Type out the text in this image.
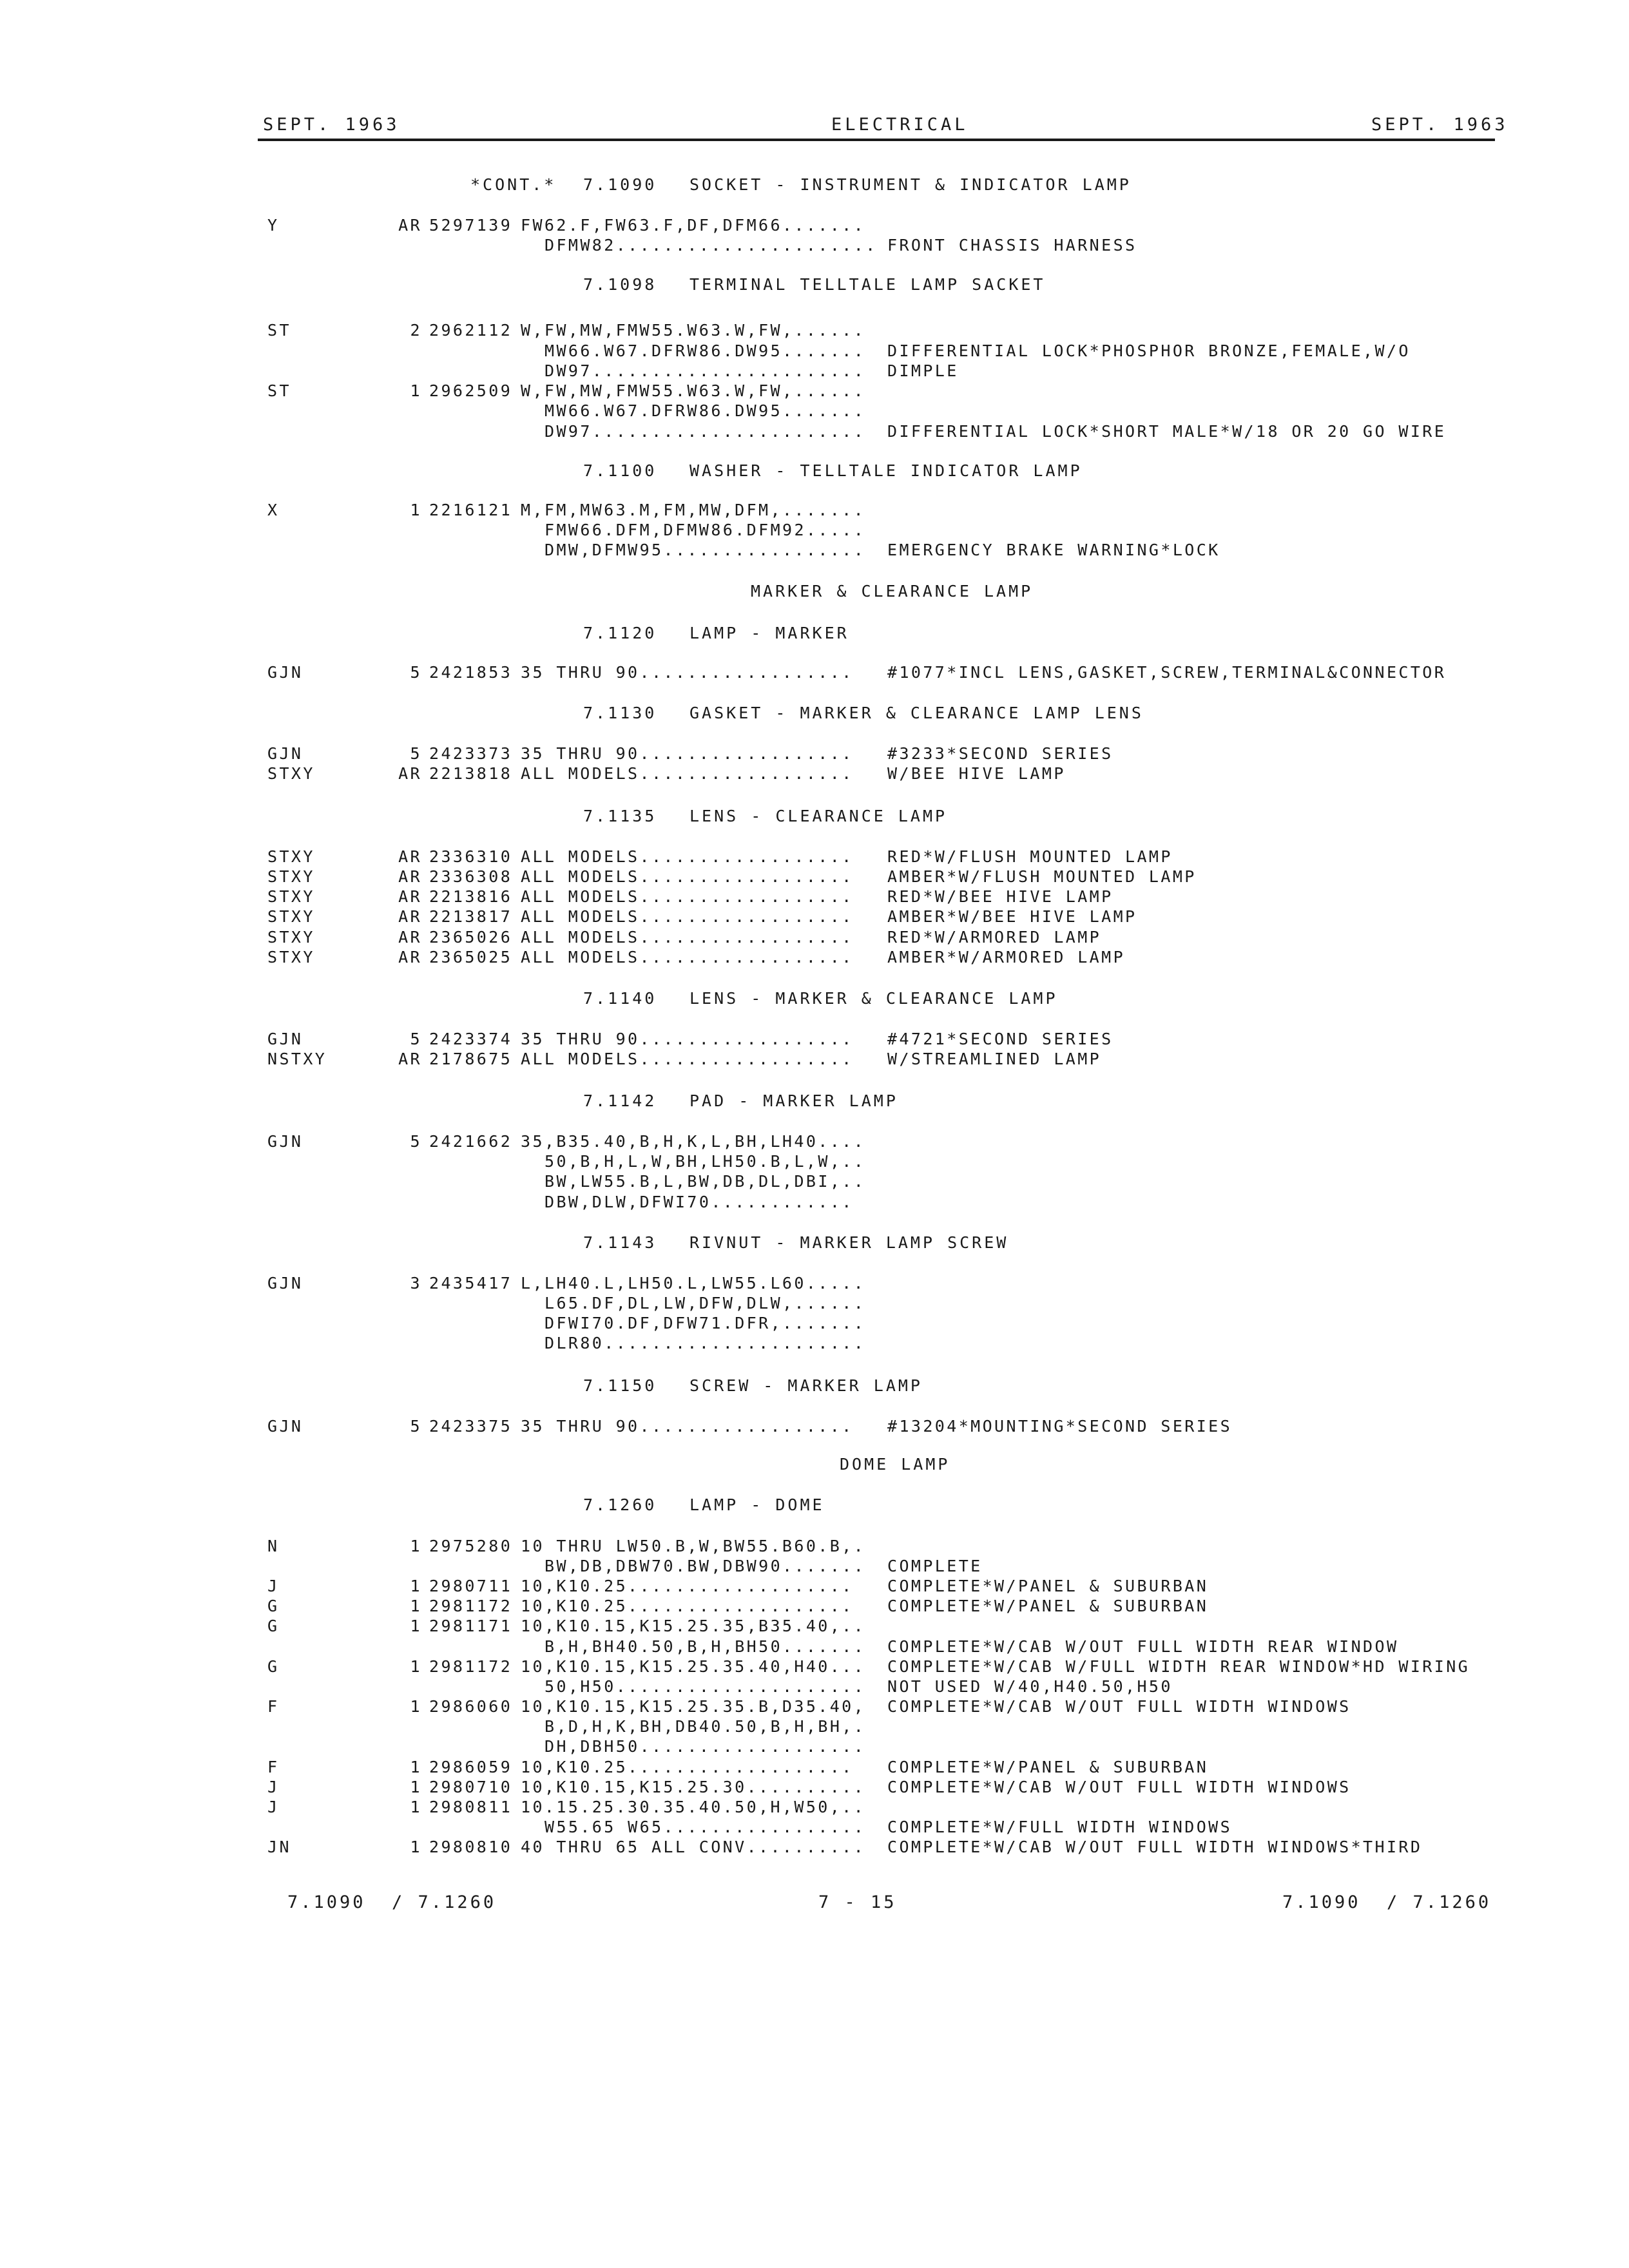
SEPT. 1963	ELECTRICAL	SEPT. 1963
*CONT.* 7.1090 SOCKET - INSTRUMENT & INDICATOR LAMP
7.1098 TERMINAL TELLTALE LAMP SACKET
7.1100 WASHER - TELLTALE INDICATOR LAMP
MARKER & CLEARANCE LAMP
7.1120 LAMP - MARKER
7.1130 GASKET - MARKER & CLEARANCE LAMP LENS
7.1135 LENS - CLEARANCE LAMP
7.1140 LENS - MARKER & CLEARANCE LAMP
7.1142 PAD - MARKER LAMP
7.1143 RIVNUT - MARKER LAMP SCREW
7.1150 SCREW - MARKER LAMP
DOME LAMP
7.1260 LAMP - DOME
Y	AR 5297139 FW62.F,FW63.F,DF,DFM66.......
DFMW82...................... FRONT CHASSIS HARNESS
ST	2 2962112 W,FW,MW,FMW55.W63.W,FW,......
MW66.W67.DFRW86.DW95....... DIFFERENTIAL LOCK*PHOSPHOR BRONZE,FEMALE,W/O
DW97....................... DIMPLE
ST	1 2962509 W,FW,MW,FMW55.W63.W,FW,......
MW66.W67.DFRW86.DW95.......
DW97....................... DIFFERENTIAL LOCK*SHORT MALE*W/18 OR 20 GO WIRE
X	1 2216121 M,FM,MW63.M,FM,MW,DFM,.......
FMW66.DFM,DFMW86.DFM92.....
DMW,DFMW95................. EMERGENCY BRAKE WARNING*LOCK
GJN	5 2421853 35 THRU 90.................. #1077*INCL LENS,GASKET,SCREW,TERMINAL&CONNECTOR
GJN	5 2423373 35 THRU 90.................. #3233*SECOND SERIES
STXY	AR 2213818 ALL MODELS.................. W/BEE HIVE LAMP
STXY	AR 2336310 ALL MODELS.................. RED*W/FLUSH MOUNTED LAMP
STXY	AR 2336308 ALL MODELS.................. AMBER*W/FLUSH MOUNTED LAMP
STXY	AR 2213816 ALL MODELS.................. RED*W/BEE HIVE LAMP
STXY	AR 2213817 ALL MODELS.................. AMBER*W/BEE HIVE LAMP
STXY	AR 2365026 ALL MODELS.................. RED*W/ARMORED LAMP
STXY	AR 2365025 ALL MODELS.................. AMBER*W/ARMORED LAMP
GJN	5 2423374 35 THRU 90.................. #4721*SECOND SERIES
NSTXY	AR 2178675 ALL MODELS.................. W/STREAMLINED LAMP
GJN	5 2421662 35,B35.40,B,H,K,L,BH,LH40....
50,B,H,L,W,BH,LH50.B,L,W,..
BW,LW55.B,L,BW,DB,DL,DBI,..
DBW,DLW,DFWI70............
GJN	3 2435417 L,LH40.L,LH50.L,LW55.L60.....
L65.DF,DL,LW,DFW,DLW,......
DFWI70.DF,DFW71.DFR,.......
DLR80......................
GJN	5 2423375 35 THRU 90.................. #13204*MOUNTING*SECOND SERIES
N	1 2975280 10 THRU LW50.B,W,BW55.B60.B,.
BW,DB,DBW70.BW,DBW90....... COMPLETE
J	1 2980711 10,K10.25................... COMPLETE*W/PANEL & SUBURBAN
G	1 2981172 10,K10.25................... COMPLETE*W/PANEL & SUBURBAN
G	1 2981171 10,K10.15,K15.25.35,B35.40,..
B,H,BH40.50,B,H,BH50....... COMPLETE*W/CAB W/OUT FULL WIDTH REAR WINDOW
G	1 2981172 10,K10.15,K15.25.35.40,H40... COMPLETE*W/CAB W/FULL WIDTH REAR WINDOW*HD WIRING
50,H50..................... NOT USED W/40,H40.50,H50
F	1 2986060 10,K10.15,K15.25.35.B,D35.40, COMPLETE*W/CAB W/OUT FULL WIDTH WINDOWS
B,D,H,K,BH,DB40.50,B,H,BH,.
DH,DBH50...................
F	1 2986059 10,K10.25................... COMPLETE*W/PANEL & SUBURBAN
J	1 2980710 10,K10.15,K15.25.30.......... COMPLETE*W/CAB W/OUT FULL WIDTH WINDOWS
J	1 2980811 10.15.25.30.35.40.50,H,W50,..
W55.65 W65................. COMPLETE*W/FULL WIDTH WINDOWS
JN	1 2980810 40 THRU 65 ALL CONV.......... COMPLETE*W/CAB W/OUT FULL WIDTH WINDOWS*THIRD
7.1090  / 7.1260	7 - 15	7.1090  / 7.1260
